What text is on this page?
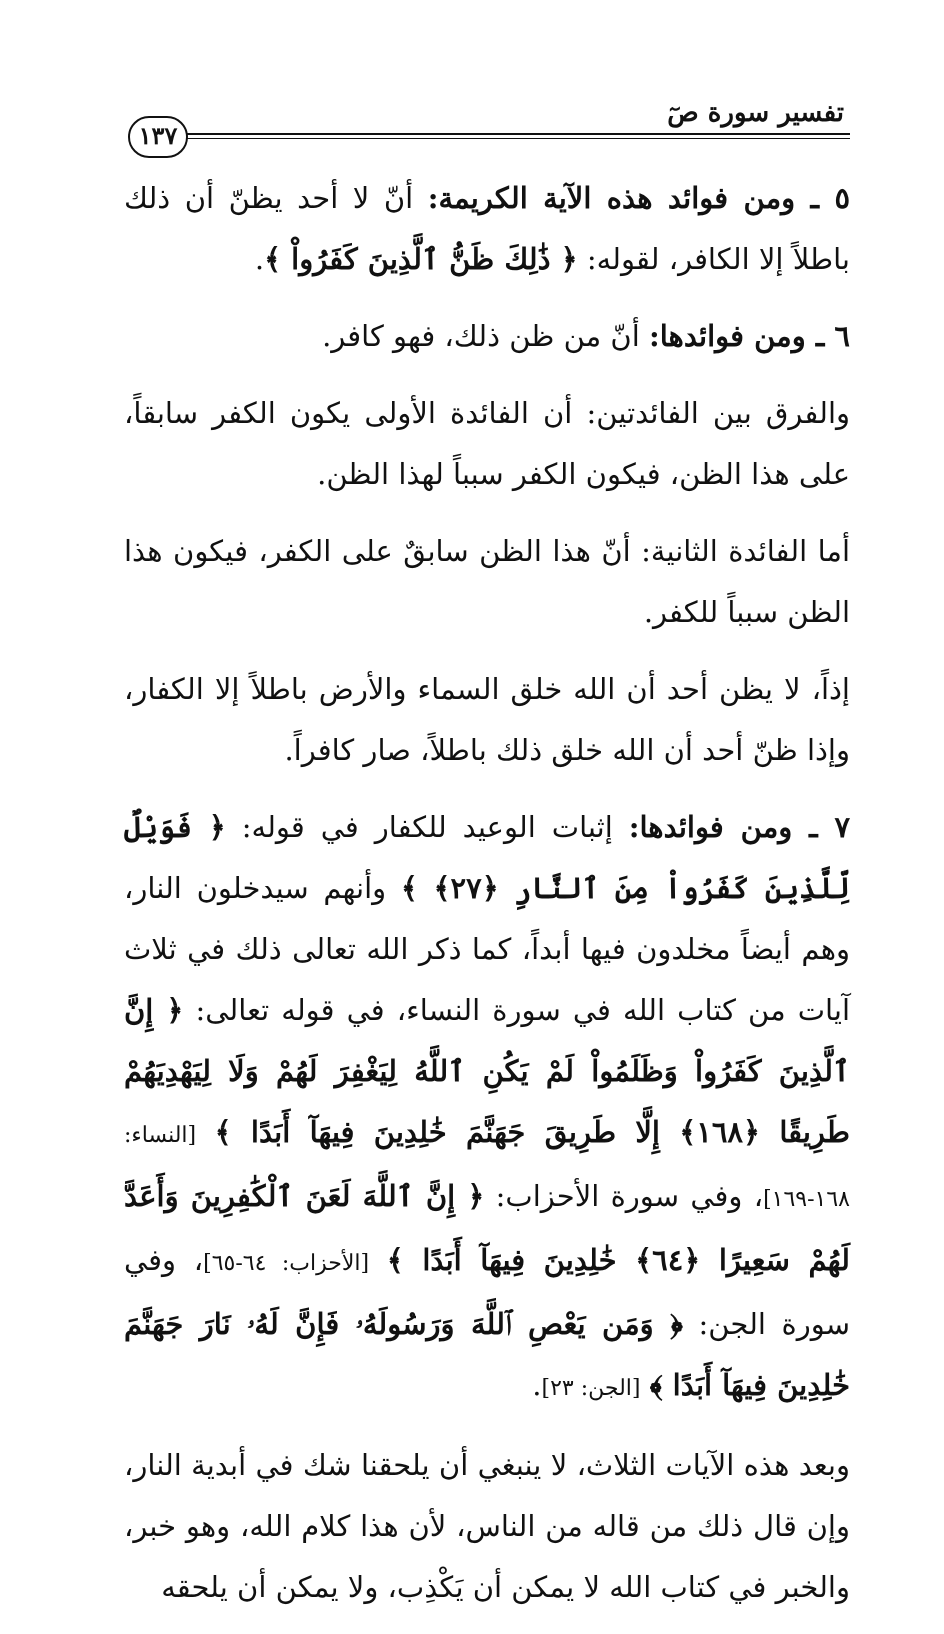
تفسير سورة صٓ
١٣٧

٥ ـ ومن فوائد هذه الآية الكريمة: أنّ لا أحد يظنّ أن ذلك باطلاً إلا الكافر، لقوله: ﴿ ذَٰلِكَ ظَنُّ ٱلَّذِينَ كَفَرُواْ ﴾.

٦ ـ ومن فوائدها: أنّ من ظن ذلك، فهو كافر.

والفرق بين الفائدتين: أن الفائدة الأولى يكون الكفر سابقاً، على هذا الظن، فيكون الكفر سبباً لهذا الظن.

أما الفائدة الثانية: أنّ هذا الظن سابقٌ على الكفر، فيكون هذا الظن سبباً للكفر.

إذاً، لا يظن أحد أن الله خلق السماء والأرض باطلاً إلا الكفار، وإذا ظنّ أحد أن الله خلق ذلك باطلاً، صار كافراً.

٧ ـ ومن فوائدها: إثبات الوعيد للكفار في قوله: ﴿ فَوَيْلٌ لِّلَّذِينَ كَفَرُواْ مِنَ ٱلنَّارِ ﴿٢٧﴾ ﴾ وأنهم سيدخلون النار، وهم أيضاً مخلدون فيها أبداً، كما ذكر الله تعالى ذلك في ثلاث آيات من كتاب الله في سورة النساء، في قوله تعالى: ﴿ إِنَّ ٱلَّذِينَ كَفَرُواْ وَظَلَمُواْ لَمْ يَكُنِ ٱللَّهُ لِيَغْفِرَ لَهُمْ وَلَا لِيَهْدِيَهُمْ طَرِيقًا ﴿١٦٨﴾ إِلَّا طَرِيقَ جَهَنَّمَ خَٰلِدِينَ فِيهَآ أَبَدًا ﴾ [النساء: ١٦٨-١٦٩]، وفي سورة الأحزاب: ﴿ إِنَّ ٱللَّهَ لَعَنَ ٱلْكَٰفِرِينَ وَأَعَدَّ لَهُمْ سَعِيرًا ﴿٦٤﴾ خَٰلِدِينَ فِيهَآ أَبَدًا ﴾ [الأحزاب: ٦٤-٦٥]، وفي سورة الجن: ﴿ وَمَن يَعْصِ ٱللَّهَ وَرَسُولَهُۥ فَإِنَّ لَهُۥ نَارَ جَهَنَّمَ خَٰلِدِينَ فِيهَآ أَبَدًا ﴾ [الجن: ٢٣].

وبعد هذه الآيات الثلاث، لا ينبغي أن يلحقنا شك في أبدية النار، وإن قال ذلك من قاله من الناس، لأن هذا كلام الله، وهو خبر، والخبر في كتاب الله لا يمكن أن يَكْذِب، ولا يمكن أن يلحقه
